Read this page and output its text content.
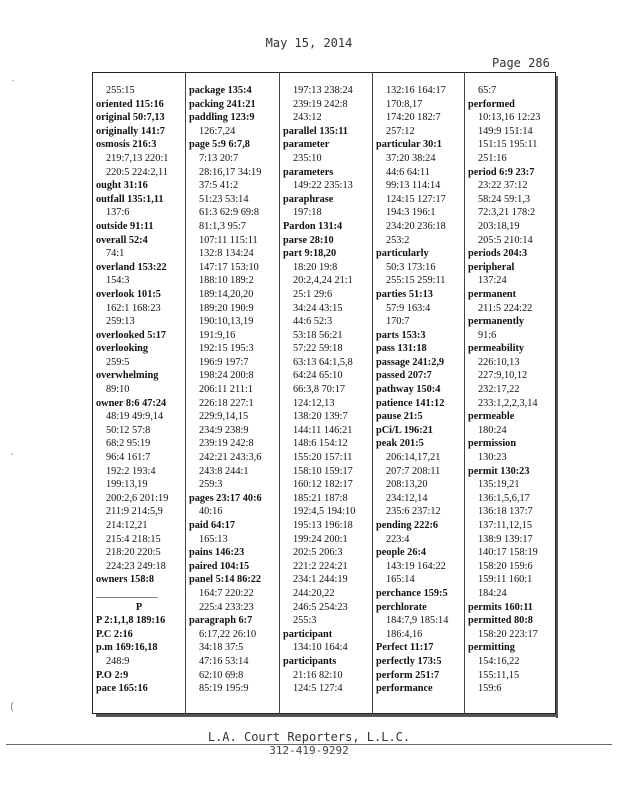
May 15, 2014
Page 286
˙
·
(
255:15
oriented 115:16
original 50:7,13
originally 141:7
osmosis 216:3
219:7,13 220:1
220:5 224:2,11
ought 31:16
outfall 135:1,11
137:6
outside 91:11
overall 52:4
74:1
overland 153:22
154:3
overlook 101:5
162:1 168:23
259:13
overlooked 5:17
overlooking
259:5
overwhelming
89:10
owner 8:6 47:24
48:19 49:9,14
50:12 57:8
68:2 95:19
96:4 161:7
192:2 193:4
199:13,19
200:2,6 201:19
211:9 214:5,9
214:12,21
215:4 218:15
218:20 220:5
224:23 249:18
owners 158:8
____________
P
P 2:1,1,8 189:16
P.C 2:16
p.m 169:16,18
248:9
P.O 2:9
pace 165:16
package 135:4
packing 241:21
paddling 123:9
126:7,24
page 5:9 6:7,8
7:13 20:7
28:16,17 34:19
37:5 41:2
51:23 53:14
61:3 62:9 69:8
81:1,3 95:7
107:11 115:11
132:8 134:24
147:17 153:10
188:10 189:2
189:14,20,20
189:20 190:9
190:10,13,19
191:9,16
192:15 195:3
196:9 197:7
198:24 200:8
206:11 211:1
226:18 227:1
229:9,14,15
234:9 238:9
239:19 242:8
242:21 243:3,6
243:8 244:1
259:3
pages 23:17 40:6
40:16
paid 64:17
165:13
pains 146:23
paired 104:15
panel 5:14 86:22
164:7 220:22
225:4 233:23
paragraph 6:7
6:17,22 26:10
34:18 37:5
47:16 53:14
62:10 69:8
85:19 195:9
197:13 238:24
239:19 242:8
243:12
parallel 135:11
parameter
235:10
parameters
149:22 235:13
paraphrase
197:18
Pardon 131:4
parse 28:10
part 9:18,20
18:20 19:8
20:2,4,24 21:1
25:1 29:6
34:24 43:15
44:6 52:3
53:18 56:21
57:22 59:18
63:13 64:1,5,8
64:24 65:10
66:3,8 70:17
124:12,13
138:20 139:7
144:11 146:21
148:6 154:12
155:20 157:11
158:10 159:17
160:12 182:17
185:21 187:8
192:4,5 194:10
195:13 196:18
199:24 200:1
202:5 206:3
221:2 224:21
234:1 244:19
244:20,22
246:5 254:23
255:3
participant
134:10 164:4
participants
21:16 82:10
124:5 127:4
132:16 164:17
170:8,17
174:20 182:7
257:12
particular 30:1
37:20 38:24
44:6 64:11
99:13 114:14
124:15 127:17
194:3 196:1
234:20 236:18
253:2
particularly
50:3 173:16
255:15 259:11
parties 51:13
57:9 163:4
170:7
parts 153:3
pass 131:18
passage 241:2,9
passed 207:7
pathway 150:4
patience 141:12
pause 21:5
pCi/L 196:21
peak 201:5
206:14,17,21
207:7 208:11
208:13,20
234:12,14
235:6 237:12
pending 222:6
223:4
people 26:4
143:19 164:22
165:14
perchance 159:5
perchlorate
184:7,9 185:14
186:4,16
Perfect 11:17
perfectly 173:5
perform 251:7
performance
65:7
performed
10:13,16 12:23
149:9 151:14
151:15 195:11
251:16
period 6:9 23:7
23:22 37:12
58:24 59:1,3
72:3,21 178:2
203:18,19
205:5 210:14
periods 204:3
peripheral
137:24
permanent
211:5 224:22
permanently
91:6
permeability
226:10,13
227:9,10,12
232:17,22
233:1,2,2,3,14
permeable
180:24
permission
130:23
permit 130:23
135:19,21
136:1,5,6,17
136:18 137:7
137:11,12,15
138:9 139:17
140:17 158:19
158:20 159:6
159:11 160:1
184:24
permits 160:11
permitted 80:8
158:20 223:17
permitting
154:16,22
155:11,15
159:6
L.A. Court Reporters, L.L.C.
312-419-9292
